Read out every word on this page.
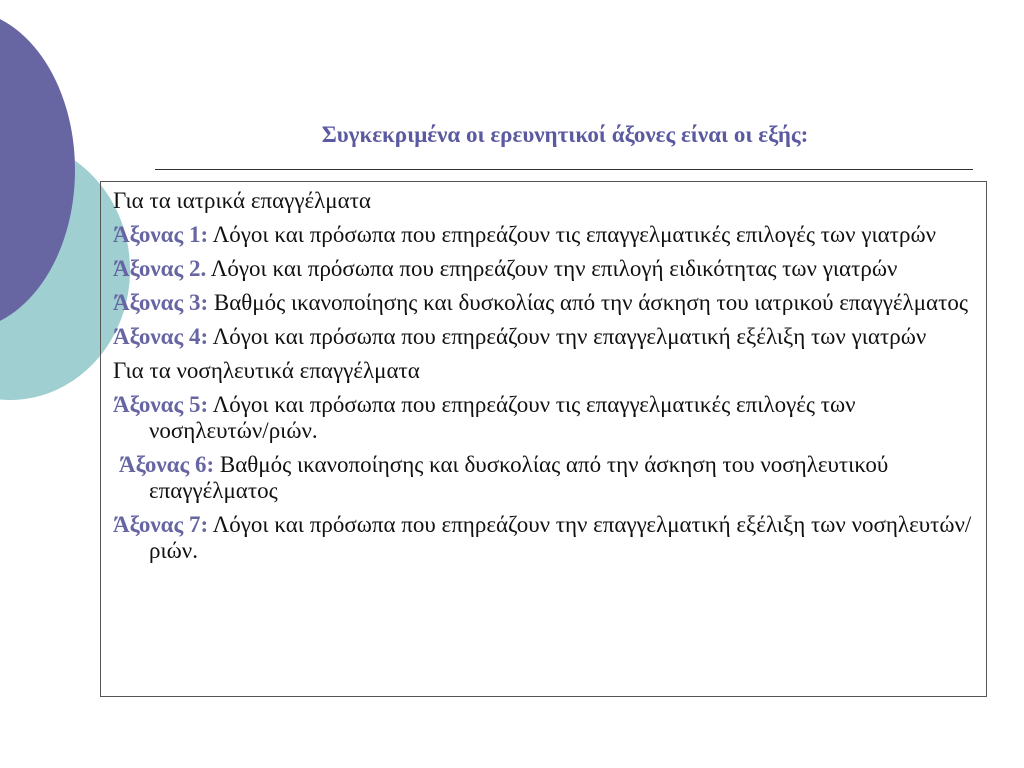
Συγκεκριμένα οι ερευνητικοί άξονες είναι οι εξής:
Για τα ιατρικά επαγγέλματα
Άξονας 1: Λόγοι και πρόσωπα που επηρεάζουν τις επαγγελματικές επιλογές των γιατρών
Άξονας 2. Λόγοι και πρόσωπα που επηρεάζουν την επιλογή ειδικότητας των γιατρών
Άξονας 3: Βαθμός ικανοποίησης και δυσκολίας από την άσκηση του ιατρικού επαγγέλματος
Άξονας 4: Λόγοι και πρόσωπα που επηρεάζουν την επαγγελματική εξέλιξη των γιατρών
Για τα νοσηλευτικά επαγγέλματα
Άξονας 5: Λόγοι και πρόσωπα που επηρεάζουν τις επαγγελματικές επιλογές των νοσηλευτών/ριών.
Άξονας 6: Βαθμός ικανοποίησης και δυσκολίας από την άσκηση του νοσηλευτικού επαγγέλματος
Άξονας 7: Λόγοι και πρόσωπα που επηρεάζουν την επαγγελματική εξέλιξη των νοσηλευτών/ριών.
